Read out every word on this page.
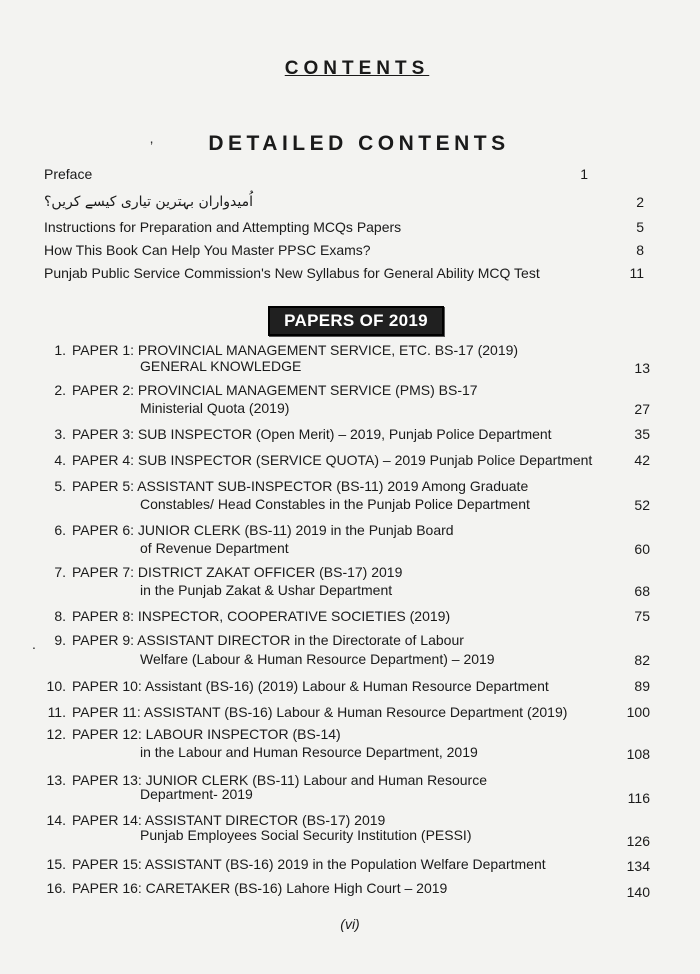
CONTENTS
’	DETAILED CONTENTS
Preface	1
اُمیدواران بہترین تیاری کیسے کریں؟	2
Instructions for Preparation and Attempting MCQs Papers	5
How This Book Can Help You Master PPSC Exams?	8
Punjab Public Service Commission's New Syllabus for General Ability MCQ Test	11
PAPERS OF 2019
1. PAPER 1: PROVINCIAL MANAGEMENT SERVICE, ETC. BS-17 (2019)
GENERAL KNOWLEDGE	13
2. PAPER 2: PROVINCIAL MANAGEMENT SERVICE (PMS) BS-17
Ministerial Quota (2019)	27
3. PAPER 3: SUB INSPECTOR (Open Merit) – 2019, Punjab Police Department	35
4. PAPER 4: SUB INSPECTOR (SERVICE QUOTA) – 2019 Punjab Police Department	42
5. PAPER 5: ASSISTANT SUB-INSPECTOR (BS-11) 2019 Among Graduate
Constables/ Head Constables in the Punjab Police Department	52
6. PAPER 6: JUNIOR CLERK (BS-11) 2019 in the Punjab Board
of Revenue Department	60
7. PAPER 7: DISTRICT ZAKAT OFFICER (BS-17) 2019
in the Punjab Zakat & Ushar Department	68
8. PAPER 8: INSPECTOR, COOPERATIVE SOCIETIES (2019)	75
.	9. PAPER 9: ASSISTANT DIRECTOR in the Directorate of Labour
Welfare (Labour & Human Resource Department) – 2019	82
10. PAPER 10: Assistant (BS-16) (2019) Labour & Human Resource Department	89
11. PAPER 11: ASSISTANT (BS-16) Labour & Human Resource Department (2019)	100
12. PAPER 12: LABOUR INSPECTOR (BS-14)
in the Labour and Human Resource Department, 2019	108
13. PAPER 13: JUNIOR CLERK (BS-11) Labour and Human Resource
Department- 2019	116
14. PAPER 14: ASSISTANT DIRECTOR (BS-17) 2019
Punjab Employees Social Security Institution (PESSI)	126
15. PAPER 15: ASSISTANT (BS-16) 2019 in the Population Welfare Department	134
16. PAPER 16: CARETAKER (BS-16) Lahore High Court – 2019	140
(vi)
